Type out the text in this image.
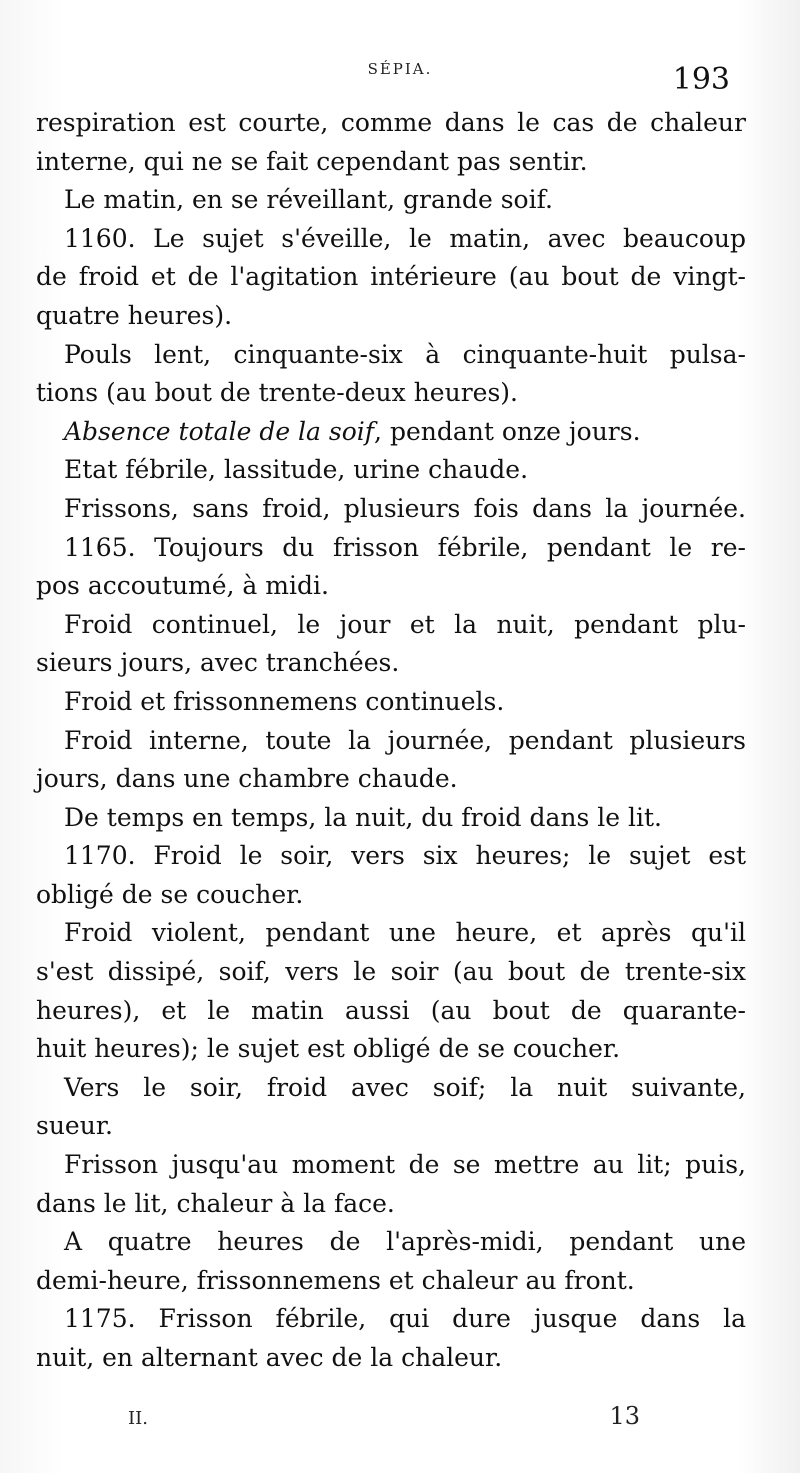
SÉPIA.	193
respiration est courte, comme dans le cas de chaleur
interne, qui ne se fait cependant pas sentir.
Le matin, en se réveillant, grande soif.
1160. Le sujet s'éveille, le matin, avec beaucoup
de froid et de l'agitation intérieure (au bout de vingt-
quatre heures).
Pouls lent, cinquante-six à cinquante-huit pulsa-
tions (au bout de trente-deux heures).
Absence totale de la soif, pendant onze jours.
Etat fébrile, lassitude, urine chaude.
Frissons, sans froid, plusieurs fois dans la journée.
1165. Toujours du frisson fébrile, pendant le re-
pos accoutumé, à midi.
Froid continuel, le jour et la nuit, pendant plu-
sieurs jours, avec tranchées.
Froid et frissonnemens continuels.
Froid interne, toute la journée, pendant plusieurs
jours, dans une chambre chaude.
De temps en temps, la nuit, du froid dans le lit.
1170. Froid le soir, vers six heures; le sujet est
obligé de se coucher.
Froid violent, pendant une heure, et après qu'il
s'est dissipé, soif, vers le soir (au bout de trente-six
heures), et le matin aussi (au bout de quarante-
huit heures); le sujet est obligé de se coucher.
Vers le soir, froid avec soif; la nuit suivante,
sueur.
Frisson jusqu'au moment de se mettre au lit; puis,
dans le lit, chaleur à la face.
A quatre heures de l'après-midi, pendant une
demi-heure, frissonnemens et chaleur au front.
1175. Frisson fébrile, qui dure jusque dans la
nuit, en alternant avec de la chaleur.
II.	13
